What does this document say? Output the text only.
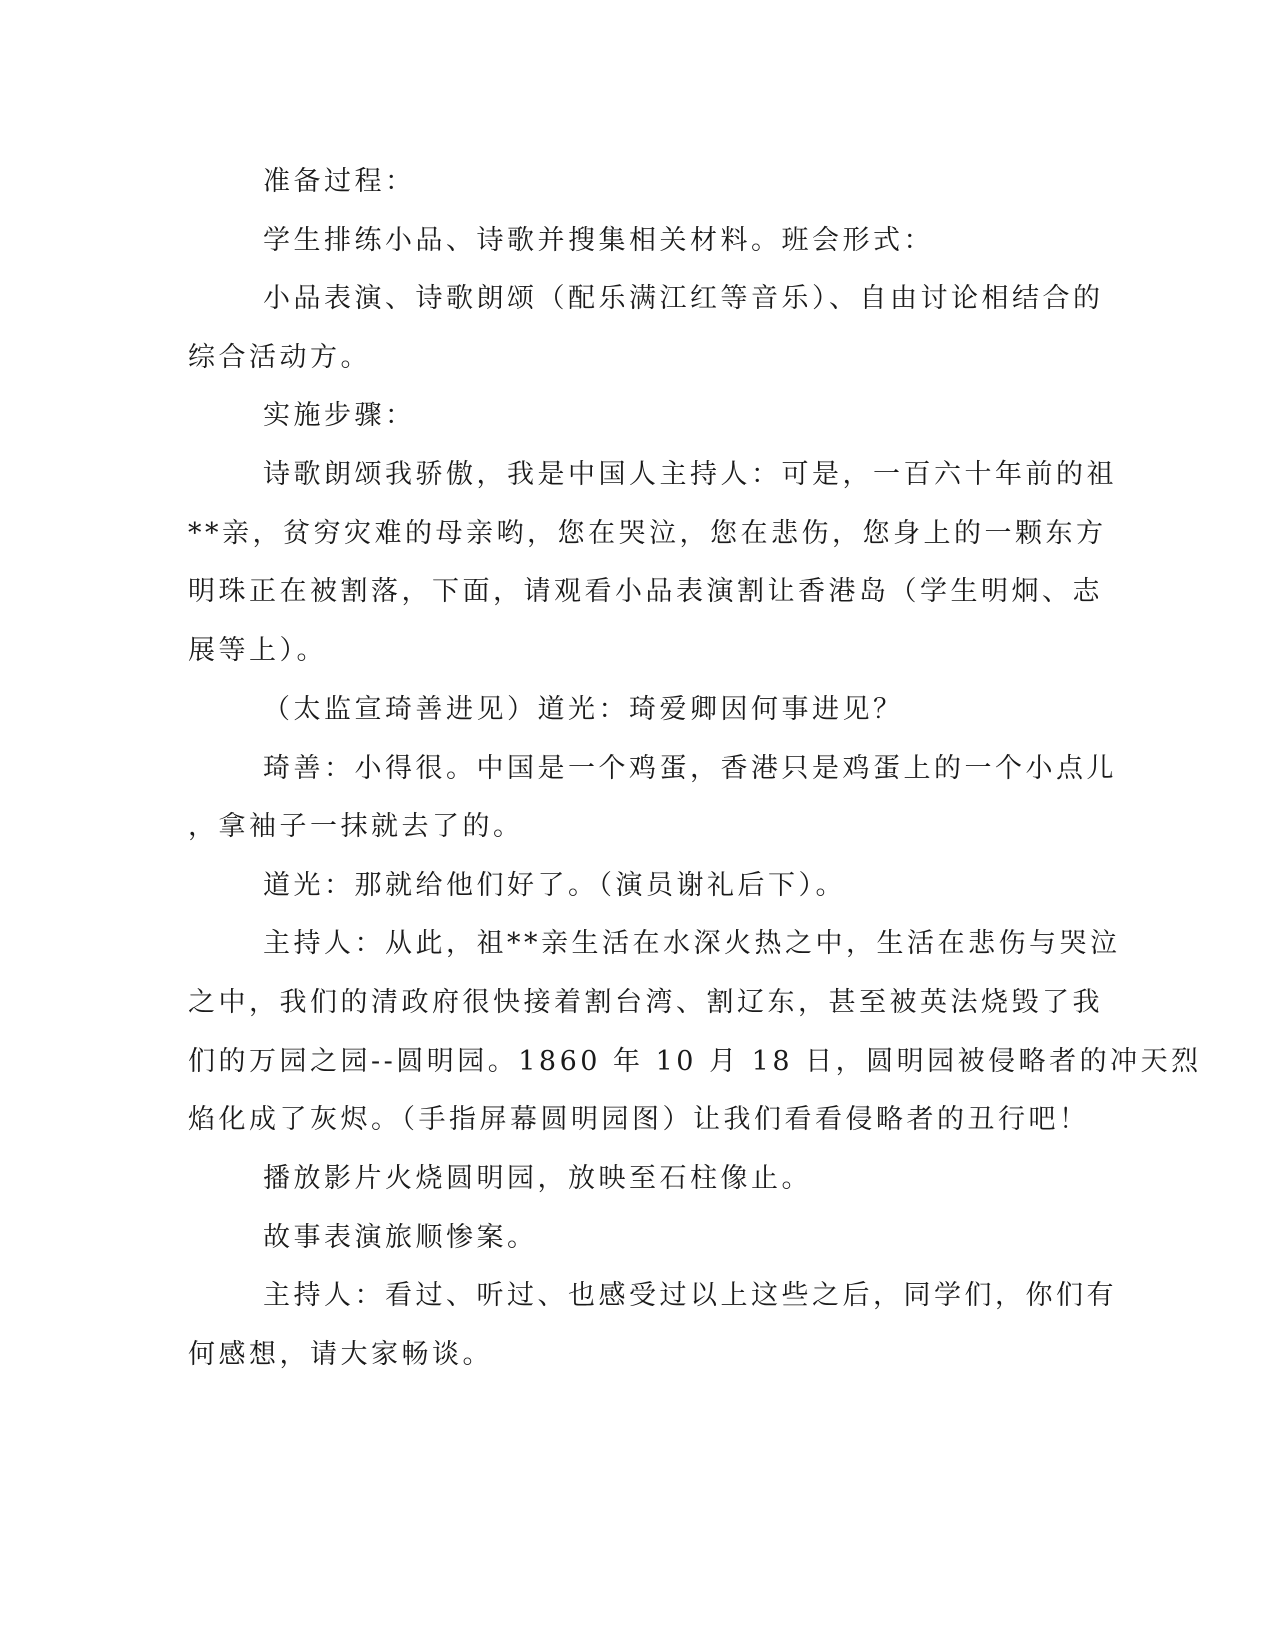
准备过程：
学生排练小品、诗歌并搜集相关材料。班会形式：
小品表演、诗歌朗颂（配乐满江红等音乐）、自由讨论相结合的
综合活动方。
实施步骤：
诗歌朗颂我骄傲，我是中国人主持人：可是，一百六十年前的祖
**亲，贫穷灾难的母亲哟，您在哭泣，您在悲伤，您身上的一颗东方
明珠正在被割落，下面，请观看小品表演割让香港岛（学生明炯、志
展等上）。
（太监宣琦善进见）道光：琦爱卿因何事进见？
琦善：小得很。中国是一个鸡蛋，香港只是鸡蛋上的一个小点儿
，拿袖子一抹就去了的。
道光：那就给他们好了。（演员谢礼后下）。
主持人：从此，祖**亲生活在水深火热之中，生活在悲伤与哭泣
之中，我们的清政府很快接着割台湾、割辽东，甚至被英法烧毁了我
们的万园之园--圆明园。1860 年 10 月 18 日，圆明园被侵略者的冲天烈
焰化成了灰烬。（手指屏幕圆明园图）让我们看看侵略者的丑行吧！
播放影片火烧圆明园，放映至石柱像止。
故事表演旅顺惨案。
主持人：看过、听过、也感受过以上这些之后，同学们，你们有
何感想，请大家畅谈。
